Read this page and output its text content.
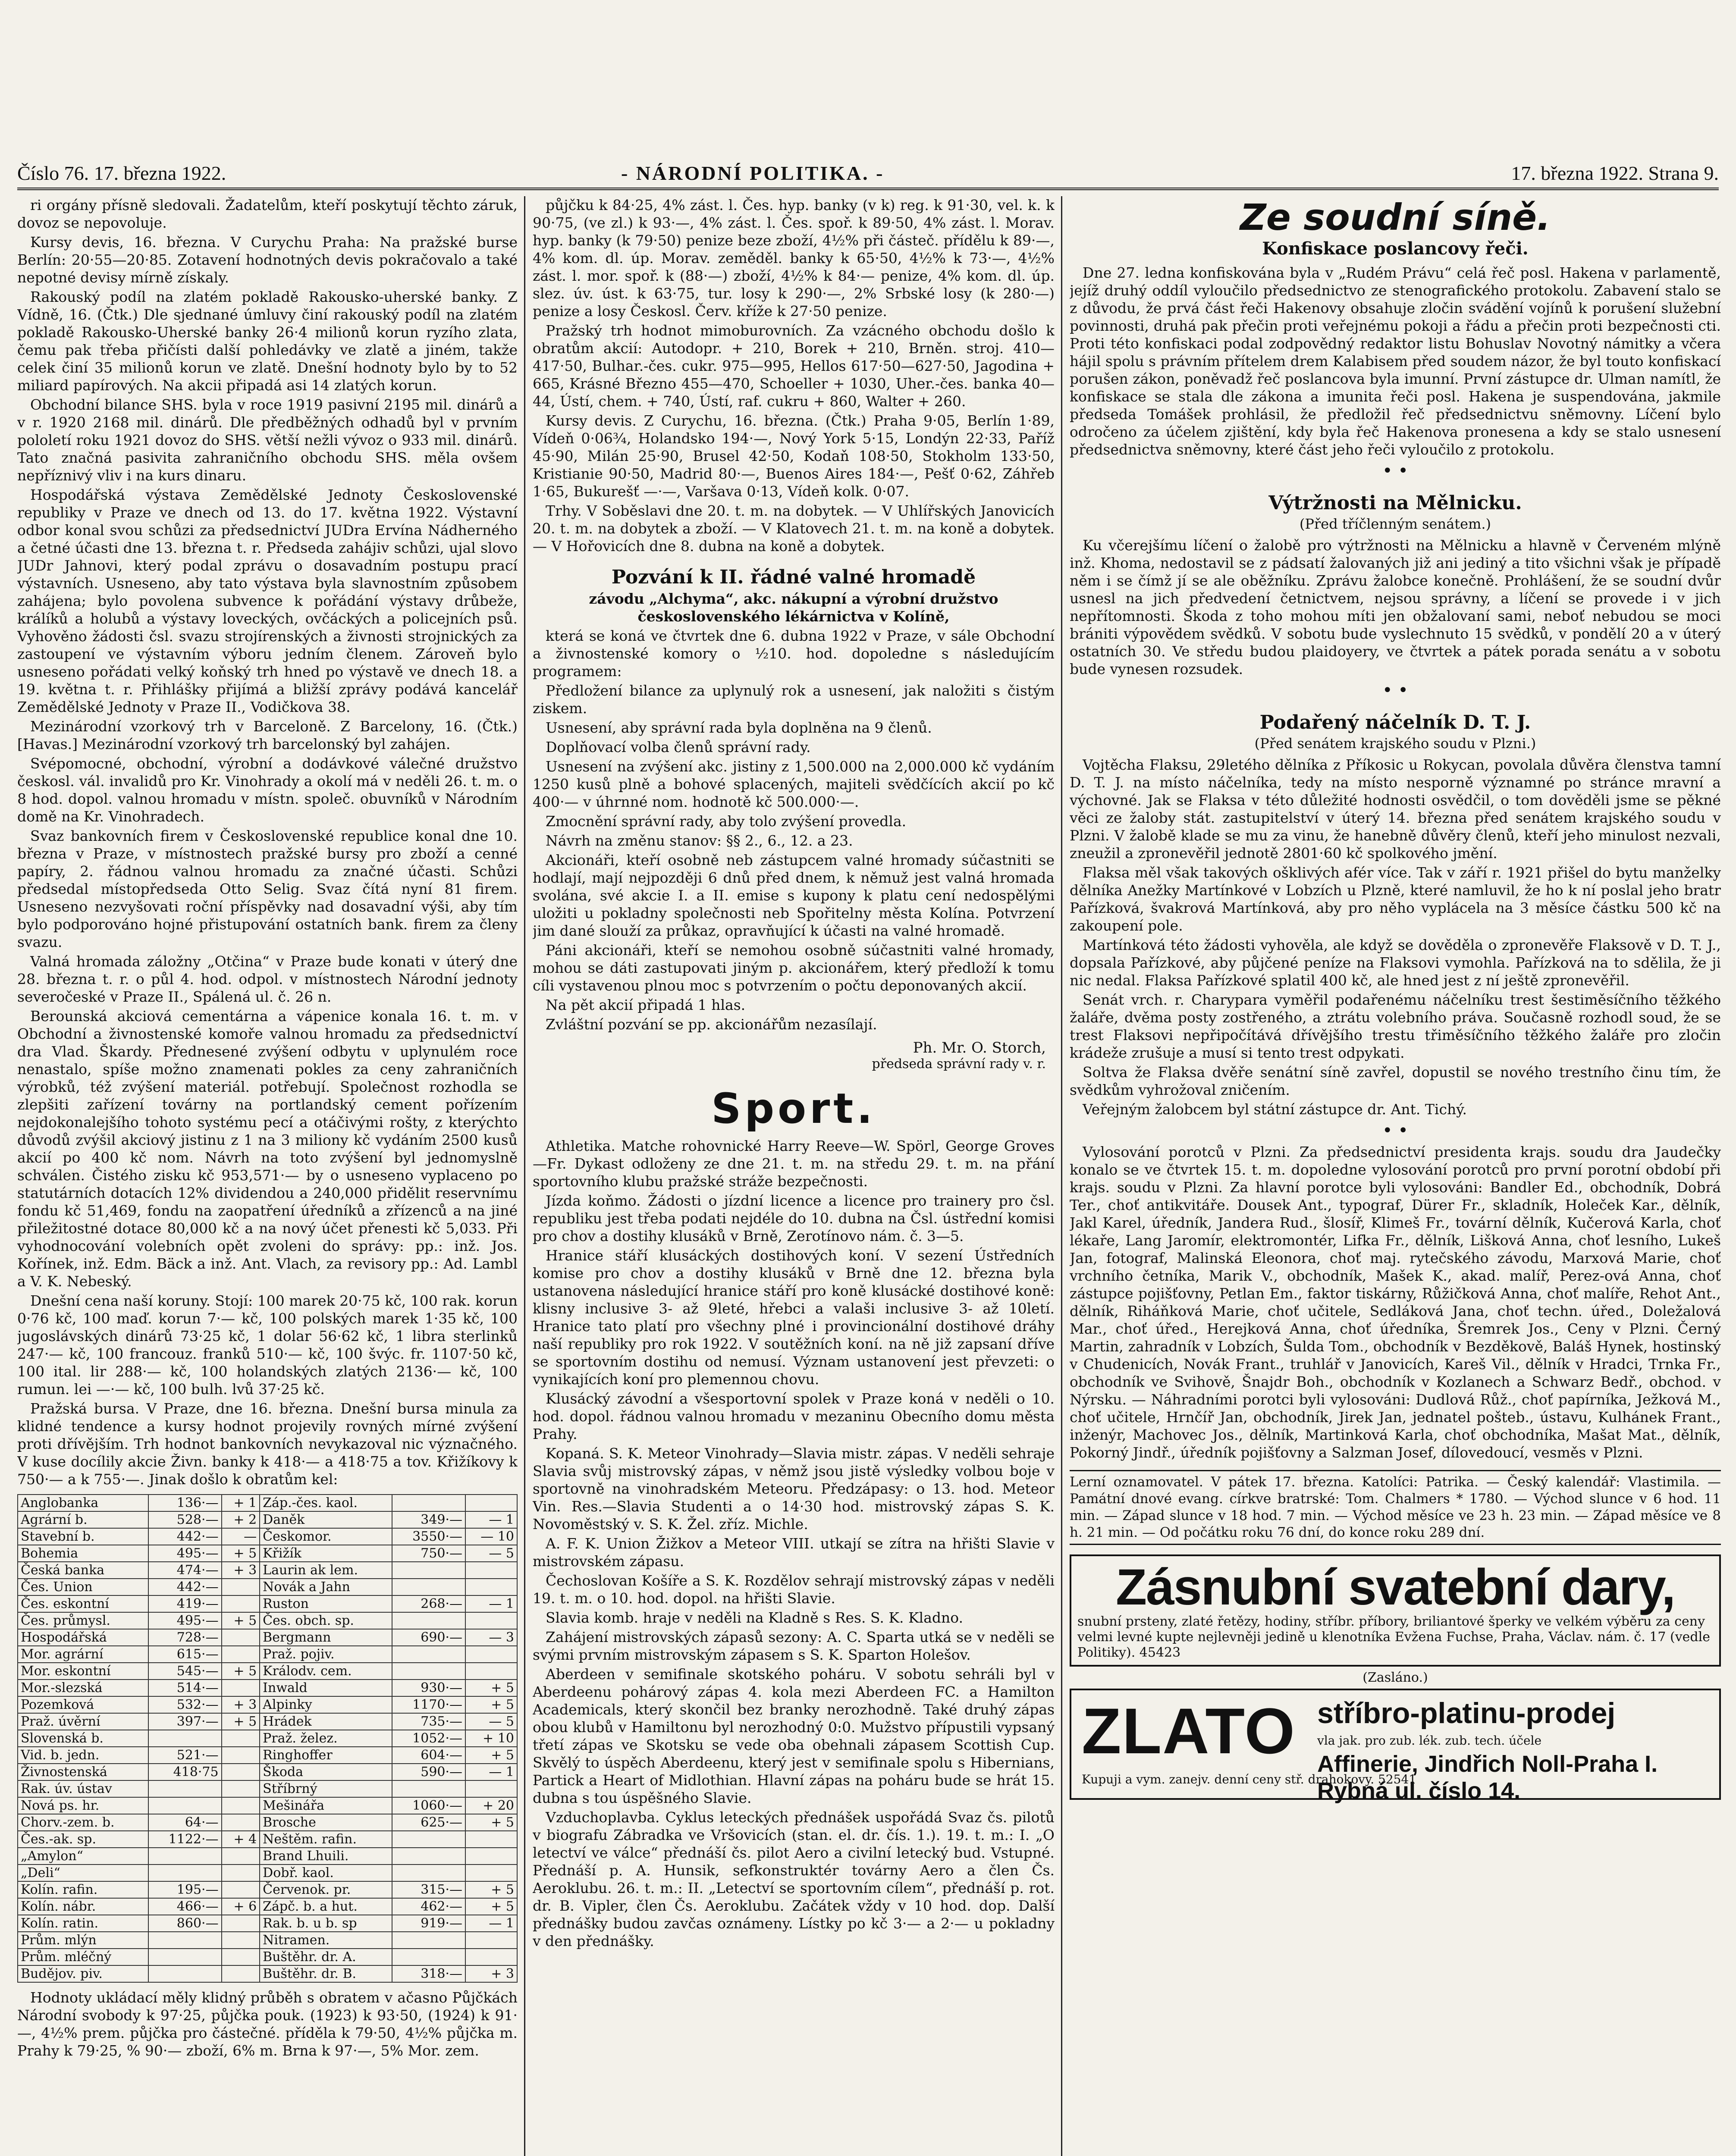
Číslo 76. 17. března 1922.	- NÁRODNÍ POLITIKA. -	17. března 1922. Strana 9.

ri orgány přísně sledovali. Žadatelům, kteří poskytují těchto záruk, dovoz se nepovoluje.

Kursy devis, 16. března. V Curychu Praha: Na pražské burse Berlín: 20·55—20·85. Zotavení hodnotných devis pokračovalo a také nepotné devisy mírně získaly.

Rakouský podíl na zlatém pokladě Rakousko-uherské banky. Z Vídně, 16. (Čtk.) Dle sjednané úmluvy činí rakouský podíl na zlatém pokladě Rakousko-Uherské banky 26·4 milionů korun ryzího zlata, čemu pak třeba přičísti další pohledávky ve zlatě a jiném, takže celek činí 35 milionů korun ve zlatě. Dnešní hodnoty bylo by to 52 miliard papírových. Na akcii připadá asi 14 zlatých korun.

Obchodní bilance SHS. byla v roce 1919 pasivní 2195 mil. dinárů a v r. 1920 2168 mil. dinárů. Dle předběžných odhadů byl v prvním pololetí roku 1921 dovoz do SHS. větší nežli vývoz o 933 mil. dinárů. Tato značná pasivita zahraničního obchodu SHS. měla ovšem nepříznivý vliv i na kurs dinaru.

Hospodářská výstava Zemědělské Jednoty Československé republiky v Praze ve dnech od 13. do 17. května 1922. Výstavní odbor konal svou schůzi za předsednictví JUDra Ervína Nádherného a četné účasti dne 13. března t. r. Předseda zahájiv schůzi, ujal slovo JUDr Jahnovi, který podal zprávu o dosavadním postupu prací výstavních. Usneseno, aby tato výstava byla slavnostním způsobem zahájena; bylo povolena subvence k pořádání výstavy drůbeže, králíků a holubů a výstavy loveckých, ovčáckých a policejních psů. Vyhověno žádosti čsl. svazu strojírenských a živnosti strojnických za zastoupení ve výstavním výboru jedním členem. Zároveň bylo usneseno pořádati velký koňský trh hned po výstavě ve dnech 18. a 19. května t. r. Přihlášky přijímá a bližší zprávy podává kancelář Zemědělské Jednoty v Praze II., Vodičkova 38.

Mezinárodní vzorkový trh v Barceloně. Z Barcelony, 16. (Čtk.) [Havas.] Mezinárodní vzorkový trh barcelonský byl zahájen.

Svépomocné, obchodní, výrobní a dodávkové válečné družstvo českosl. vál. invalidů pro Kr. Vinohrady a okolí má v neděli 26. t. m. o 8 hod. dopol. valnou hromadu v místn. společ. obuvníků v Národním domě na Kr. Vinohradech.

Svaz bankovních firem v Československé republice konal dne 10. března v Praze, v místnostech pražské bursy pro zboží a cenné papíry, 2. řádnou valnou hromadu za značné účasti. Schůzi předsedal místopředseda Otto Selig. Svaz čítá nyní 81 firem. Usneseno nezvyšovati roční příspěvky nad dosavadní výši, aby tím bylo podporováno hojné přistupování ostatních bank. firem za členy svazu.

Valná hromada záložny „Otčina“ v Praze bude konati v úterý dne 28. března t. r. o půl 4. hod. odpol. v místnostech Národní jednoty severočeské v Praze II., Spálená ul. č. 26 n.

Berounská akciová cementárna a vápenice konala 16. t. m. v Obchodní a živnostenské komoře valnou hromadu za předsednictví dra Vlad. Škardy. Přednesené zvýšení odbytu v uplynulém roce nenastalo, spíše možno znamenati pokles za ceny zahraničních výrobků, též zvýšení materiál. potřebují. Společnost rozhodla se zlepšiti zařízení továrny na portlandský cement pořízením nejdokonalejšího tohoto systému pecí a otáčivými rošty, z kterýchto důvodů zvýšil akciový jistinu z 1 na 3 miliony kč vydáním 2500 kusů akcií po 400 kč nom. Návrh na toto zvýšení byl jednomyslně schválen. Čistého zisku kč 953,571·— by o usneseno vyplaceno po statutárních dotacích 12% dividendou a 240,000 přidělit reservnímu fondu kč 51,469, fondu na zaopatření úředníků a zřízenců a na jiné přiležitostné dotace 80,000 kč a na nový účet přenesti kč 5,033. Při vyhodnocování volebních opět zvoleni do správy: pp.: inž. Jos. Kořínek, inž. Edm. Bäck a inž. Ant. Vlach, za revisory pp.: Ad. Lambl a V. K. Nebeský.

Dnešní cena naší koruny. Stojí: 100 marek 20·75 kč, 100 rak. korun 0·76 kč, 100 maď. korun 7·— kč, 100 polských marek 1·35 kč, 100 jugoslávských dinárů 73·25 kč, 1 dolar 56·62 kč, 1 libra sterlinků 247·— kč, 100 francouz. franků 510·— kč, 100 švýc. fr. 1107·50 kč, 100 ital. lir 288·— kč, 100 holandských zlatých 2136·— kč, 100 rumun. lei —·— kč, 100 bulh. lvů 37·25 kč.

Pražská bursa. V Praze, dne 16. března. Dnešní bursa minula za klidné tendence a kursy hodnot projevily rovných mírné zvýšení proti dřívějším. Trh hodnot bankovních nevykazoval nic význačného. V kuse docílily akcie Živn. banky k 418·— a 418·75 a tov. Křižíkovy k 750·— a k 755·—. Jinak došlo k obratům kel:

Anglobanka	136·—	+ 1	Záp.-čes. kaol.		
Agrární b.	528·—	+ 2	Daněk	349·—	— 1
Stavební b.	442·—	—	Českomor.	3550·—	— 10
Bohemia	495·—	+ 5	Křižík	750·—	— 5
Česká banka	474·—	+ 3	Laurin ak lem.		
Čes. Union	442·—		Novák a Jahn		
Čes. eskontní	419·—		Ruston	268·—	— 1
Čes. průmysl.	495·—	+ 5	Čes. obch. sp.		
Hospodářská	728·—		Bergmann	690·—	— 3
Mor. agrární	615·—		Praž. pojiv.		
Mor. eskontní	545·—	+ 5	Králodv. cem.		
Mor.-slezská	514·—		Inwald	930·—	+ 5
Pozemková	532·—	+ 3	Alpinky	1170·—	+ 5
Praž. úvěrní	397·—	+ 5	Hrádek	735·—	— 5
Slovenská b.			Praž. želez.	1052·—	+ 10
Vid. b. jedn.	521·—		Ringhoffer	604·—	+ 5
Živnostenská	418·75		Škoda	590·—	— 1
Rak. úv. ústav			Stříbrný		
Nová ps. hr.			Mešinářa	1060·—	+ 20
Chorv.-zem. b.	64·—		Brosche	625·—	+ 5
Čes.-ak. sp.	1122·—	+ 4	Neštěm. rafin.		
„Amylon“			Brand Lhuili.		
„Deli“			Dobř. kaol.		
Kolín. rafin.	195·—		Červenok. pr.	315·—	+ 5
Kolín. nábr.	466·—	+ 6	Zápč. b. a hut.	462·—	+ 5
Kolín. ratin.	860·—		Rak. b. u b. sp	919·—	— 1
Prům. mlýn			Nitramen.		
Prům. mléčný			Buštěhr. dr. A.		
Budějov. piv.			Buštěhr. dr. B.	318·—	+ 3

Hodnoty ukládací měly klidný průběh s obratem v ačasno Půjčkách Národní svobody k 97·25, půjčka pouk. (1923) k 93·50, (1924) k 91·—, 4½% prem. půjčka pro částečné. příděla k 79·50, 4½% půjčka m. Prahy k 79·25, % 90·— zboží, 6% m. Brna k 97·—, 5% Mor. zem.

půjčku k 84·25, 4% zást. l. Čes. hyp. banky (v k) reg. k 91·30, vel. k. k 90·75, (ve zl.) k 93·—, 4% zást. l. Čes. spoř. k 89·50, 4% zást. l. Morav. hyp. banky (k 79·50) penize beze zboží, 4½% při částeč. přídělu k 89·—, 4% kom. dl. úp. Morav. zeměděl. banky k 65·50, 4½% k 73·—, 4½% zást. l. mor. spoř. k (88·—) zboží, 4½% k 84·— penize, 4% kom. dl. úp. slez. úv. úst. k 63·75, tur. losy k 290·—, 2% Srbské losy (k 280·—) penize a losy Českosl. Červ. kříže k 27·50 penize.

Pražský trh hodnot mimoburovních. Za vzácného obchodu došlo k obratům akcií: Autodopr. + 210, Borek + 210, Brněn. stroj. 410—417·50, Bulhar.-čes. cukr. 975—995, Hellos 617·50—627·50, Jagodina + 665, Krásné Březno 455—470, Schoeller + 1030, Uher.-čes. banka 40—44, Ústí, chem. + 740, Ústí, raf. cukru + 860, Walter + 260.

Kursy devis. Z Curychu, 16. března. (Čtk.) Praha 9·05, Berlín 1·89, Vídeň 0·06¾, Holandsko 194·—, Nový York 5·15, Londýn 22·33, Paříž 45·90, Milán 25·90, Brusel 42·50, Kodaň 108·50, Stokholm 133·50, Kristianie 90·50, Madrid 80·—, Buenos Aires 184·—, Pešť 0·62, Záhřeb 1·65, Bukurešť —·—, Varšava 0·13, Vídeň kolk. 0·07.

Trhy. V Soběslavi dne 20. t. m. na dobytek. — V Uhlířských Janovicích 20. t. m. na dobytek a zboží. — V Klatovech 21. t. m. na koně a dobytek. — V Hořovicích dne 8. dubna na koně a dobytek.

Pozvání k II. řádné valné hromadě

závodu „Alchyma“, akc. nákupní a výrobní družstvo československého lékárnictva v Kolíně,

která se koná ve čtvrtek dne 6. dubna 1922 v Praze, v sále Obchodní a živnostenské komory o ½10. hod. dopoledne s následujícím programem:

Předložení bilance za uplynulý rok a usnesení, jak naložiti s čistým ziskem.

Usnesení, aby správní rada byla doplněna na 9 členů.

Doplňovací volba členů správní rady.

Usnesení na zvýšení akc. jistiny z 1,500.000 na 2,000.000 kč vydáním 1250 kusů plně a bohové splacených, majiteli svědčících akcií po kč 400·— v úhrnné nom. hodnotě kč 500.000·—.

Zmocnění správní rady, aby tolo zvýšení provedla.

Návrh na změnu stanov: §§ 2., 6., 12. a 23.

Akcionáři, kteří osobně neb zástupcem valné hromady súčastniti se hodlají, mají nejpozději 6 dnů před dnem, k němuž jest valná hromada svolána, své akcie I. a II. emise s kupony k platu cení nedospělými uložiti u pokladny společnosti neb Spořitelny města Kolína. Potvrzení jim dané slouží za průkaz, opravňující k účasti na valné hromadě.

Páni akcionáři, kteří se nemohou osobně súčastniti valné hromady, mohou se dáti zastupovati jiným p. akcionářem, který předloží k tomu cíli vystavenou plnou moc s potvrzením o počtu deponovaných akcií.

Na pět akcií připadá 1 hlas.

Zvláštní pozvání se pp. akcionářům nezasílají.

Ph. Mr. O. Storch,
předseda správní rady v. r.
Sport.

Athletika. Matche rohovnické Harry Reeve—W. Spörl, George Groves—Fr. Dykast odloženy ze dne 21. t. m. na středu 29. t. m. na přání sportovního klubu pražské stráže bezpečnosti.

Jízda koňmo. Žádosti o jízdní licence a licence pro trainery pro čsl. republiku jest třeba podati nejdéle do 10. dubna na Čsl. ústřední komisi pro chov a dostihy klusáků v Brně, Zerotínovo nám. č. 3—5.

Hranice stáří klusáckých dostihových koní. V sezení Ústředních komise pro chov a dostihy klusáků v Brně dne 12. března byla ustanovena následující hranice stáří pro koně klusácké dostihové koně: klisny inclusive 3- až 9leté, hřebci a valaši inclusive 3- až 10letí. Hranice tato platí pro všechny plné i provincionální dostihové dráhy naší republiky pro rok 1922. V soutěžních koní. na ně již zapsaní dříve se sportovním dostihu od nemusí. Význam ustanovení jest převzeti: o vynikajících koní pro plemennou chovu.

Klusácký závodní a všesportovní spolek v Praze koná v neděli o 10. hod. dopol. řádnou valnou hromadu v mezaninu Obecního domu města Prahy.

Kopaná. S. K. Meteor Vinohrady—Slavia mistr. zápas. V neděli sehraje Slavia svůj mistrovský zápas, v němž jsou jistě výsledky volbou boje v sportovně na vinohradském Meteoru. Předzápasy: o 13. hod. Meteor Vin. Res.—Slavia Studenti a o 14·30 hod. mistrovský zápas S. K. Novoměstský v. S. K. Žel. zříz. Michle.

A. F. K. Union Žižkov a Meteor VIII. utkají se zítra na hřišti Slavie v mistrovském zápasu.

Čechoslovan Košíře a S. K. Rozdělov sehrají mistrovský zápas v neděli 19. t. m. o 10. hod. dopol. na hřišti Slavie.

Slavia komb. hraje v neděli na Kladně s Res. S. K. Kladno.

Zahájení mistrovských zápasů sezony: A. C. Sparta utká se v neděli se svými prvním mistrovským zápasem s S. K. Sparton Holešov.

Aberdeen v semifinale skotského poháru. V sobotu sehráli byl v Aberdeenu pohárový zápas 4. kola mezi Aberdeen FC. a Hamilton Academicals, který skončil bez branky nerozhodně. Také druhý zápas obou klubů v Hamiltonu byl nerozhodný 0:0. Mužstvo přípustili vypsaný třetí zápas ve Skotsku se vede oba obehnali zápasem Scottish Cup. Skvělý to úspěch Aberdeenu, který jest v semifinale spolu s Hibernians, Partick a Heart of Midlothian. Hlavní zápas na poháru bude se hrát 15. dubna s tou úspěšného Slavie.

Vzduchoplavba. Cyklus leteckých přednášek uspořádá Svaz čs. pilotů v biografu Zábradka ve Vršovicích (stan. el. dr. čís. 1.). 19. t. m.: I. „O letectví ve válce“ přednáší čs. pilot Aero a civilní letecký bud. Vstupné. Přednáší p. A. Hunsik, sefkonstruktér továrny Aero a člen Čs. Aeroklubu. 26. t. m.: II. „Letectví se sportovním cílem“, přednáší p. rot. dr. B. Vipler, člen Čs. Aeroklubu. Začátek vždy v 10 hod. dop. Další přednášky budou zavčas oznámeny. Lístky po kč 3·— a 2·— u pokladny v den přednášky.

Ze soudní síně.
Konfiskace poslancovy řeči.

Dne 27. ledna konfiskována byla v „Rudém Právu“ celá řeč posl. Hakena v parlamentě, jejíž druhý oddíl vyloučilo předsednictvo ze stenografického protokolu. Zabavení stalo se z důvodu, že prvá část řeči Hakenovy obsahuje zločin svádění vojínů k porušení služební povinnosti, druhá pak přečin proti veřejnému pokoji a řádu a přečin proti bezpečnosti cti. Proti této konfiskaci podal zodpovědný redaktor listu Bohuslav Novotný námitky a včera hájil spolu s právním přítelem drem Kalabisem před soudem názor, že byl touto konfiskací porušen zákon, poněvadž řeč poslancova byla imunní. První zástupce dr. Ulman namítl, že konfiskace se stala dle zákona a imunita řeči posl. Hakena je suspendována, jakmile předseda Tomášek prohlásil, že předložil řeč předsednictvu sněmovny. Líčení bylo odročeno za účelem zjištění, kdy byla řeč Hakenova pronesena a kdy se stalo usnesení předsednictva sněmovny, které část jeho řeči vyloučilo z protokolu.

• •
Výtržnosti na Mělnicku.
(Před tříčlenným senátem.)

Ku včerejšímu líčení o žalobě pro výtržnosti na Mělnicku a hlavně v Červeném mlýně inž. Khoma, nedostavil se z pádsatí žalovaných již ani jediný a tito všichni však je případě něm i se čímž jí se ale oběžníku. Zprávu žalobce konečně. Prohlášení, že se soudní dvůr usnesl na jich předvedení četnictvem, nejsou správny, a líčení se provede i v jich nepřítomnosti. Škoda z toho mohou míti jen obžalovaní sami, neboť nebudou se moci brániti výpovědem svědků. V sobotu bude vyslechnuto 15 svědků, v pondělí 20 a v úterý ostatních 30. Ve středu budou plaidoyery, ve čtvrtek a pátek porada senátu a v sobotu bude vynesen rozsudek.

• •
Podařený náčelník D. T. J.
(Před senátem krajského soudu v Plzni.)

Vojtěcha Flaksu, 29letého dělníka z Příkosic u Rokycan, povolala důvěra členstva tamní D. T. J. na místo náčelníka, tedy na místo nesporně významné po stránce mravní a výchovné. Jak se Flaksa v této důležité hodnosti osvědčil, o tom dověděli jsme se pěkné věci ze žaloby stát. zastupitelství v úterý 14. března před senátem krajského soudu v Plzni. V žalobě klade se mu za vinu, že hanebně důvěry členů, kteří jeho minulost nezvali, zneužil a zpronevěřil jednotě 2801·60 kč spolkového jmění.

Flaksa měl však takových ošklivých afér více. Tak v září r. 1921 přišel do bytu manželky dělníka Anežky Martínkové v Lobzích u Plzně, které namluvil, že ho k ní poslal jeho bratr Pařízková, švakrová Martínková, aby pro něho vyplácela na 3 měsíce částku 500 kč na zakoupení pole.

Martínková této žádosti vyhověla, ale když se dověděla o zpronevěře Flaksově v D. T. J., dopsala Pařízkové, aby půjčené peníze na Flaksovi vymohla. Pařízková na to sdělila, že ji nic nedal. Flaksa Pařízkové splatil 400 kč, ale hned jest z ní ještě zpronevěřil.

Senát vrch. r. Charypara vyměřil podařenému náčelníku trest šestiměsíčního těžkého žaláře, dvěma posty zostřeného, a ztrátu volebního práva. Současně rozhodl soud, že se trest Flaksovi nepřipočítává dřívějšího trestu třiměsíčního těžkého žaláře pro zločin krádeže zrušuje a musí si tento trest odpykati.

Soltva že Flaksa dvěře senátní síně zavřel, dopustil se nového trestního činu tím, že svědkům vyhrožoval zničením.

Veřejným žalobcem byl státní zástupce dr. Ant. Tichý.

• •

Vylosování porotců v Plzni. Za předsednictví presidenta krajs. soudu dra Jaudečky konalo se ve čtvrtek 15. t. m. dopoledne vylosování porotců pro první porotní období při krajs. soudu v Plzni. Za hlavní porotce byli vylosováni: Bandler Ed., obchodník, Dobrá Ter., choť antikvitáře. Dousek Ant., typograf, Dürer Fr., skladník, Holeček Kar., dělník, Jakl Karel, úředník, Jandera Rud., šlosíř, Klimeš Fr., tovární dělník, Kučerová Karla, choť lékaře, Lang Jaromír, elektromontér, Lifka Fr., dělník, Lišková Anna, choť lesního, Lukeš Jan, fotograf, Malinská Eleonora, choť maj. rytečského závodu, Marxová Marie, choť vrchního četníka, Marik V., obchodník, Mašek K., akad. malíř, Perez-ová Anna, choť zástupce pojišťovny, Petlan Em., faktor tiskárny, Růžičková Anna, choť malíře, Rehot Ant., dělník, Riháňková Marie, choť učitele, Sedláková Jana, choť techn. úřed., Doležalová Mar., choť úřed., Herejková Anna, choť úředníka, Šremrek Jos., Ceny v Plzni. Černý Martin, zahradník v Lobzích, Šulda Tom., obchodník v Bezděkově, Baláš Hynek, hostinský v Chudenicích, Novák Frant., truhlář v Janovicích, Kareš Vil., dělník v Hradci, Trnka Fr., obchodník ve Svihově, Šnajdr Boh., obchodník v Kozlanech a Schwarz Bedř., obchod. v Nýrsku. — Náhradními porotci byli vylosováni: Dudlová Růž., choť papírníka, Ježková M., choť učitele, Hrnčíř Jan, obchodník, Jirek Jan, jednatel pošteb., ústavu, Kulhánek Frant., inženýr, Machovec Jos., dělník, Martinková Karla, choť obchodníka, Mašat Mat., dělník, Pokorný Jindř., úředník pojišťovny a Salzman Josef, dílovedoucí, vesměs v Plzni.

Lerní oznamovatel. V pátek 17. března. Katolíci: Patrika. — Český kalendář: Vlastimila. — Památní dnové evang. církve bratrské: Tom. Chalmers * 1780. — Východ slunce v 6 hod. 11 min. — Západ slunce v 18 hod. 7 min. — Východ měsíce ve 23 h. 23 min. — Západ měsíce ve 8 h. 21 min. — Od počátku roku 76 dní, do konce roku 289 dní.
Zásnubní svatební dary,
snubní prsteny, zlaté řetězy, hodiny, stříbr. příbory, briliantové šperky ve velkém výběru za ceny velmi levné kupte nejlevněji jedině u klenotníka Evžena Fuchse, Praha, Václav. nám. č. 17 (vedle Politiky). 45423
(Zasláno.)
ZLATO stříbro-platinu-prodej
vla jak. pro zub. lék. zub. tech. účele
Affinerie, Jindřich Noll-Praha I. Rybná ul. číslo 14.
Kupuji a vym. zanejv. denní ceny stř. drahokovy. 52541
